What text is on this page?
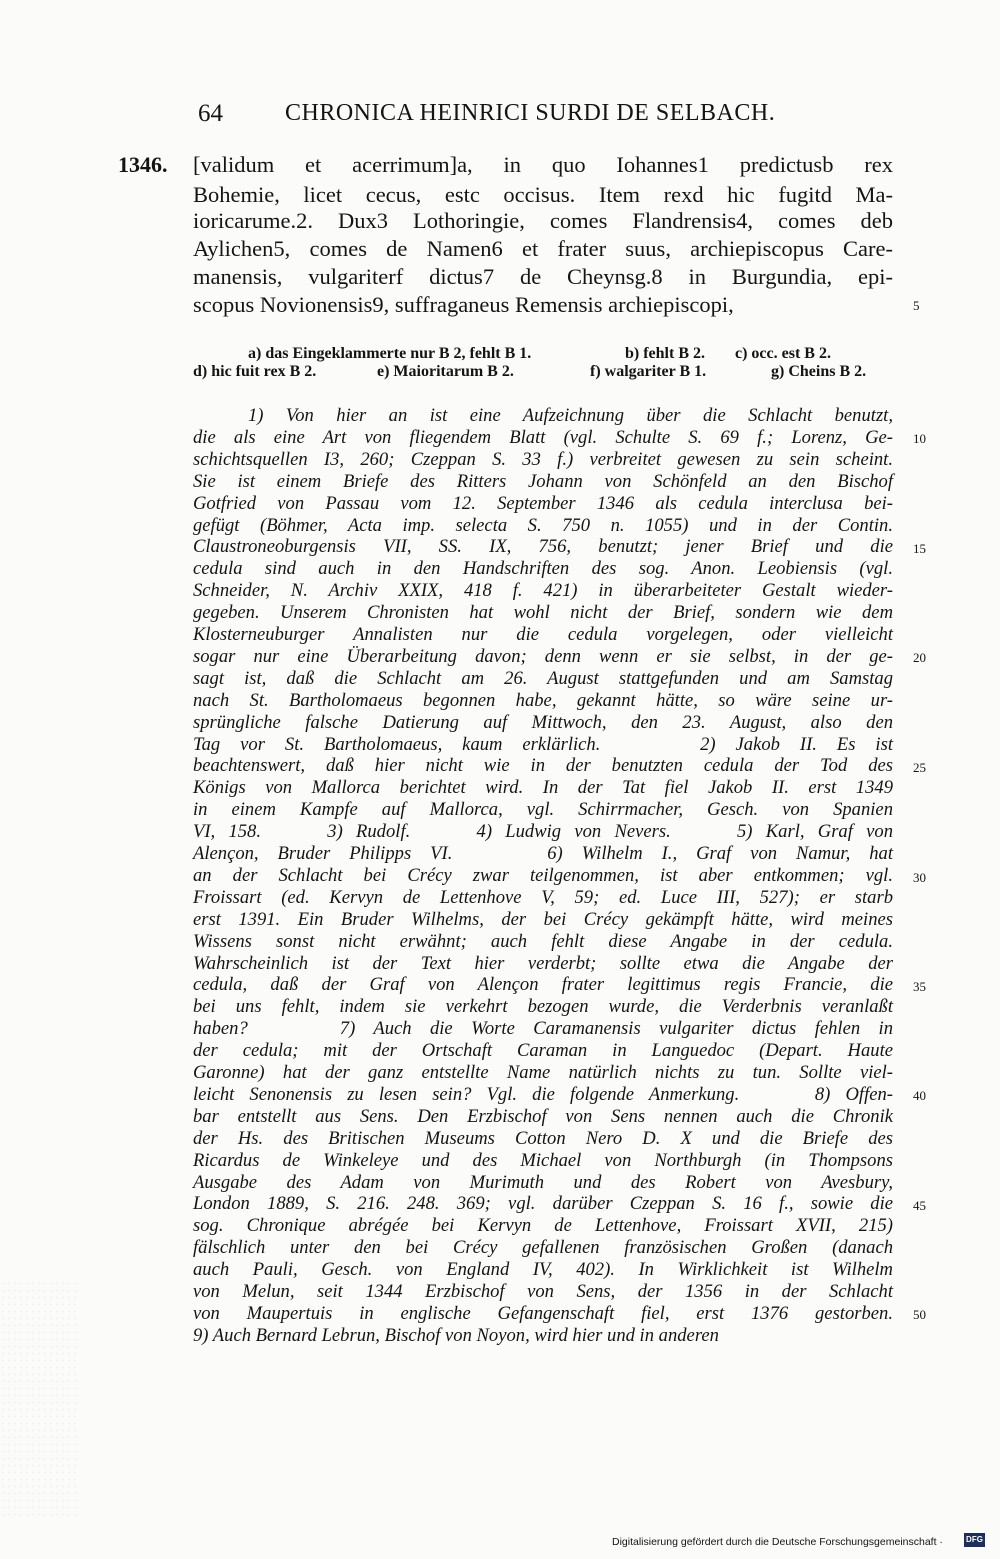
64	CHRONICA HEINRICI SURDI DE SELBACH.
1346. [validum et acerrimum]a, in quo Iohannes1 predictusb rex
Bohemie, licet cecus, estc occisus. Item rexd hic fugitd Ma-
ioricarume.2. Dux3 Lothoringie, comes Flandrensis4, comes deb
Aylichen5, comes de Namen6 et frater suus, archiepiscopus Care-
manensis, vulgariterf dictus7 de Cheynsg.8 in Burgundia, epi-
scopus Novionensis9, suffraganeus Remensis archiepiscopi,
a) das Eingeklammerte nur B 2, fehlt B 1.	b) fehlt B 2. c) occ. est B 2.
d) hic fuit rex B 2.	e) Maioritarum B 2.	f) walgariter B 1.	g) Cheins B 2.
1) Von hier an ist eine Aufzeichnung über die Schlacht benutzt,
die als eine Art von fliegendem Blatt (vgl. Schulte S. 69 f.; Lorenz, Ge-
schichtsquellen I3, 260; Czeppan S. 33 f.) verbreitet gewesen zu sein scheint.
Sie ist einem Briefe des Ritters Johann von Schönfeld an den Bischof
Gotfried von Passau vom 12. September 1346 als cedula interclusa bei-
gefügt (Böhmer, Acta imp. selecta S. 750 n. 1055) und in der Contin.
Claustroneoburgensis VII, SS. IX, 756, benutzt; jener Brief und die
cedula sind auch in den Handschriften des sog. Anon. Leobiensis (vgl.
Schneider, N. Archiv XXIX, 418 f. 421) in überarbeiteter Gestalt wieder-
gegeben. Unserem Chronisten hat wohl nicht der Brief, sondern wie dem
Klosterneuburger Annalisten nur die cedula vorgelegen, oder vielleicht
sogar nur eine Überarbeitung davon; denn wenn er sie selbst, in der ge-
sagt ist, daß die Schlacht am 26. August stattgefunden und am Samstag
nach St. Bartholomaeus begonnen habe, gekannt hätte, so wäre seine ur-
sprüngliche falsche Datierung auf Mittwoch, den 23. August, also den
Tag vor St. Bartholomaeus, kaum erklärlich.     2) Jakob II. Es ist
beachtenswert, daß hier nicht wie in der benutzten cedula der Tod des
Königs von Mallorca berichtet wird. In der Tat fiel Jakob II. erst 1349
in einem Kampfe auf Mallorca, vgl. Schirrmacher, Gesch. von Spanien
VI, 158.     3) Rudolf.     4) Ludwig von Nevers.     5) Karl, Graf von
Alençon, Bruder Philipps VI.     6) Wilhelm I., Graf von Namur, hat
an der Schlacht bei Crécy zwar teilgenommen, ist aber entkommen; vgl.
Froissart (ed. Kervyn de Lettenhove V, 59; ed. Luce III, 527); er starb
erst 1391. Ein Bruder Wilhelms, der bei Crécy gekämpft hätte, wird meines
Wissens sonst nicht erwähnt; auch fehlt diese Angabe in der cedula.
Wahrscheinlich ist der Text hier verderbt; sollte etwa die Angabe der
cedula, daß der Graf von Alençon frater legittimus regis Francie, die
bei uns fehlt, indem sie verkehrt bezogen wurde, die Verderbnis veranlaßt
haben?     7) Auch die Worte Caramanensis vulgariter dictus fehlen in
der cedula; mit der Ortschaft Caraman in Languedoc (Depart. Haute
Garonne) hat der ganz entstellte Name natürlich nichts zu tun. Sollte viel-
leicht Senonensis zu lesen sein? Vgl. die folgende Anmerkung.     8) Offen-
bar entstellt aus Sens. Den Erzbischof von Sens nennen auch die Chronik
der Hs. des Britischen Museums Cotton Nero D. X und die Briefe des
Ricardus de Winkeleye und des Michael von Northburgh (in Thompsons
Ausgabe des Adam von Murimuth und des Robert von Avesbury,
London 1889, S. 216. 248. 369; vgl. darüber Czeppan S. 16 f., sowie die
sog. Chronique abrégée bei Kervyn de Lettenhove, Froissart XVII, 215)
fälschlich unter den bei Crécy gefallenen französischen Großen (danach
auch Pauli, Gesch. von England IV, 402). In Wirklichkeit ist Wilhelm
von Melun, seit 1344 Erzbischof von Sens, der 1356 in der Schlacht
von Maupertuis in englische Gefangenschaft fiel, erst 1376 gestorben.
9) Auch Bernard Lebrun, Bischof von Noyon, wird hier und in anderen
5
10
15
20
25
30
35
40
45
50
Digitalisierung gefördert durch die Deutsche Forschungsgemeinschaft ·	DFG
